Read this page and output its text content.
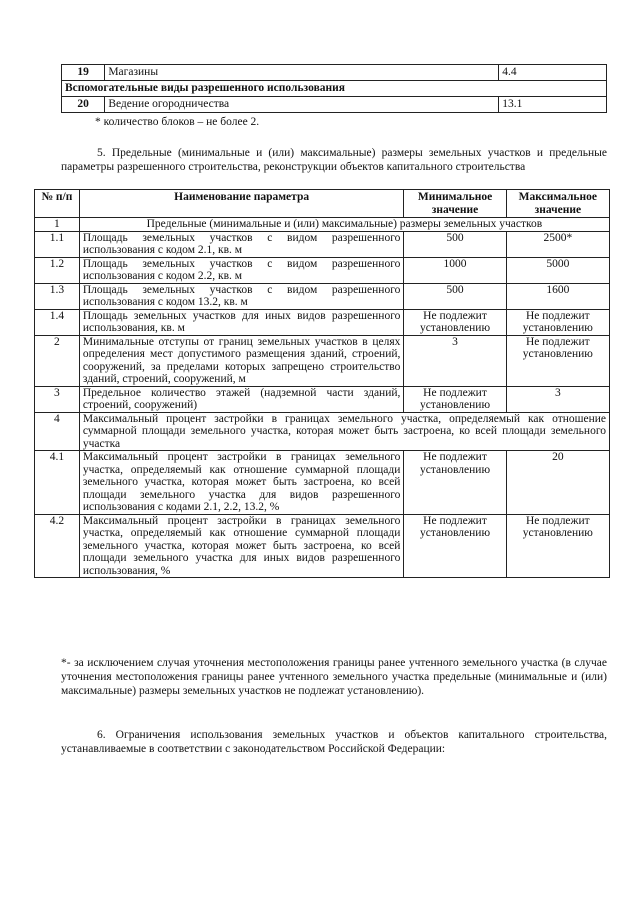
19	Магазины	4.4
Вспомогательные виды разрешенного использования		
20	Ведение огородничества	13.1
* количество блоков – не более 2.
5. Предельные (минимальные и (или) максимальные) размеры земельных участков и предельные параметры разрешенного строительства, реконструкции объектов капитального строительства
№ п/п	Наименование параметра	Минимальное значение	Максимальное значение
1	Предельные (минимальные и (или) максимальные) размеры земельных участков		
1.1	Площадь земельных участков с видом разрешенного использования с кодом 2.1, кв. м	500	2500*
1.2	Площадь земельных участков с видом разрешенного использования с кодом 2.2, кв. м	1000	5000
1.3	Площадь земельных участков с видом разрешенного использования с кодом 13.2, кв. м	500	1600
1.4	Площадь земельных участков для иных видов разрешенного использования, кв. м	Не подлежит установлению	Не подлежит установлению
2	Минимальные отступы от границ земельных участков в целях определения мест допустимого размещения зданий, строений, сооружений, за пределами которых запрещено строительство зданий, строений, сооружений, м	3	Не подлежит установлению
3	Предельное количество этажей (надземной части зданий, строений, сооружений)	Не подлежит установлению	3
4	Максимальный процент застройки в границах земельного участка, определяемый как отношение суммарной площади земельного участка, которая может быть застроена, ко всей площади земельного участка		
4.1	Максимальный процент застройки в границах земельного участка, определяемый как отношение суммарной площади земельного участка, которая может быть застроена, ко всей площади земельного участка для видов разрешенного использования с кодами 2.1, 2.2, 13.2, %	Не подлежит установлению	20
4.2	Максимальный процент застройки в границах земельного участка, определяемый как отношение суммарной площади земельного участка, которая может быть застроена, ко всей площади земельного участка для иных видов разрешенного использования, %	Не подлежит установлению	Не подлежит установлению
*- за исключением случая уточнения местоположения границы ранее учтенного земельного участка (в случае уточнения местоположения границы ранее учтенного земельного участка предельные (минимальные и (или) максимальные) размеры земельных участков не подлежат установлению).
6. Ограничения использования земельных участков и объектов капитального строительства, устанавливаемые в соответствии с законодательством Российской Федерации:
